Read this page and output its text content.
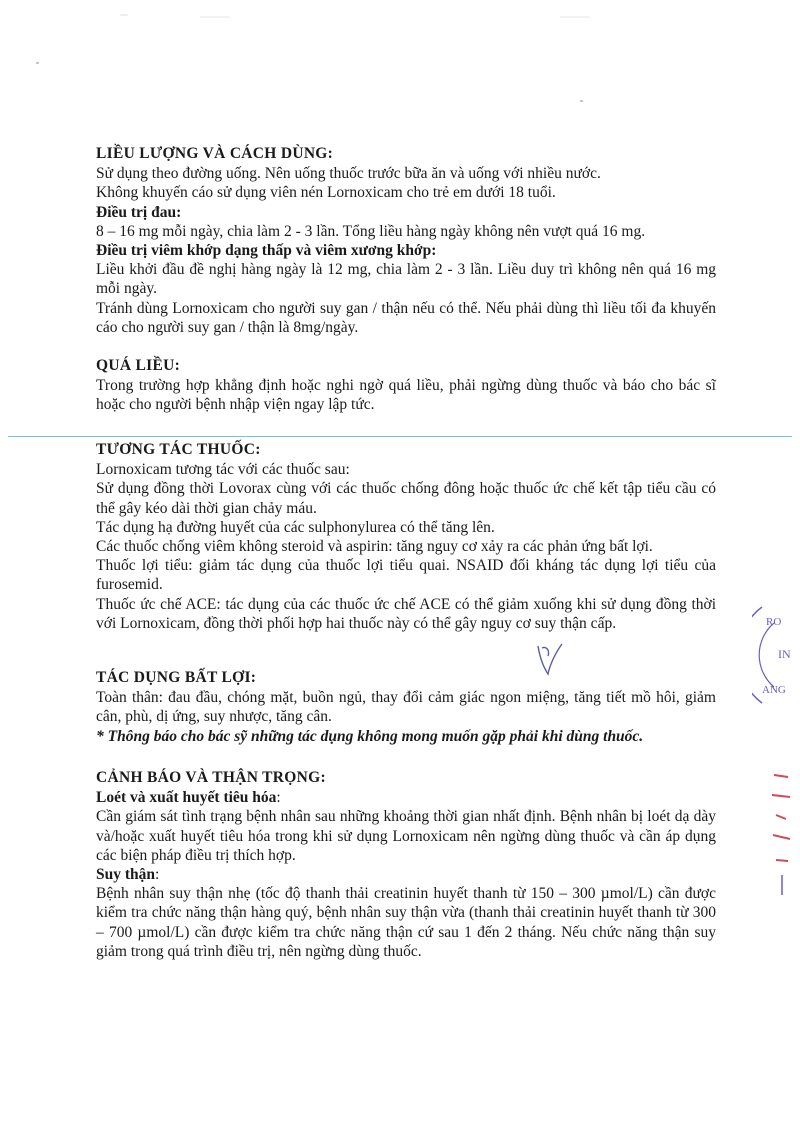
LIỀU LƯỢNG VÀ CÁCH DÙNG:
Sử dụng theo đường uống. Nên uống thuốc trước bữa ăn và uống với nhiều nước.
Không khuyến cáo sử dụng viên nén Lornoxicam cho trẻ em dưới 18 tuổi.
Điều trị đau:
8 – 16 mg mỗi ngày, chia làm 2 - 3 lần. Tổng liều hàng ngày không nên vượt quá 16 mg.
Điều trị viêm khớp dạng thấp và viêm xương khớp:
Liều khởi đầu đề nghị hàng ngày là 12 mg, chia làm 2 - 3 lần. Liều duy trì không nên quá 16 mg mỗi ngày.
Tránh dùng Lornoxicam cho người suy gan / thận nếu có thể. Nếu phải dùng thì liều tối đa khuyến cáo cho người suy gan / thận là 8mg/ngày.
QUÁ LIỀU:
Trong trường hợp khẳng định hoặc nghi ngờ quá liều, phải ngừng dùng thuốc và báo cho bác sĩ hoặc cho người bệnh nhập viện ngay lập tức.
TƯƠNG TÁC THUỐC:
Lornoxicam tương tác với các thuốc sau:
Sử dụng đồng thời Lovorax cùng với các thuốc chống đông hoặc thuốc ức chế kết tập tiểu cầu có thể gây kéo dài thời gian chảy máu.
Tác dụng hạ đường huyết của các sulphonylurea có thể tăng lên.
Các thuốc chống viêm không steroid và aspirin: tăng nguy cơ xảy ra các phản ứng bất lợi.
Thuốc lợi tiểu: giảm tác dụng của thuốc lợi tiểu quai. NSAID đối kháng tác dụng lợi tiểu của furosemid.
Thuốc ức chế ACE: tác dụng của các thuốc ức chế ACE có thể giảm xuống khi sử dụng đồng thời với Lornoxicam, đồng thời phối hợp hai thuốc này có thể gây nguy cơ suy thận cấp.
TÁC DỤNG BẤT LỢI:
Toàn thân: đau đầu, chóng mặt, buồn ngủ, thay đổi cảm giác ngon miệng, tăng tiết mồ hôi, giảm cân, phù, dị ứng, suy nhược, tăng cân.
* Thông báo cho bác sỹ những tác dụng không mong muốn gặp phải khi dùng thuốc.
CẢNH BÁO VÀ THẬN TRỌNG:
Loét và xuất huyết tiêu hóa:
Cần giám sát tình trạng bệnh nhân sau những khoảng thời gian nhất định. Bệnh nhân bị loét dạ dày và/hoặc xuất huyết tiêu hóa trong khi sử dụng Lornoxicam nên ngừng dùng thuốc và cần áp dụng các biện pháp điều trị thích hợp.
Suy thận:
Bệnh nhân suy thận nhẹ (tốc độ thanh thải creatinin huyết thanh từ 150 – 300 µmol/L) cần được kiểm tra chức năng thận hàng quý, bệnh nhân suy thận vừa (thanh thải creatinin huyết thanh từ 300 – 700 µmol/L) cần được kiểm tra chức năng thận cứ sau 1 đến 2 tháng. Nếu chức năng thận suy giảm trong quá trình điều trị, nên ngừng dùng thuốc.
RO
IN
ANG
